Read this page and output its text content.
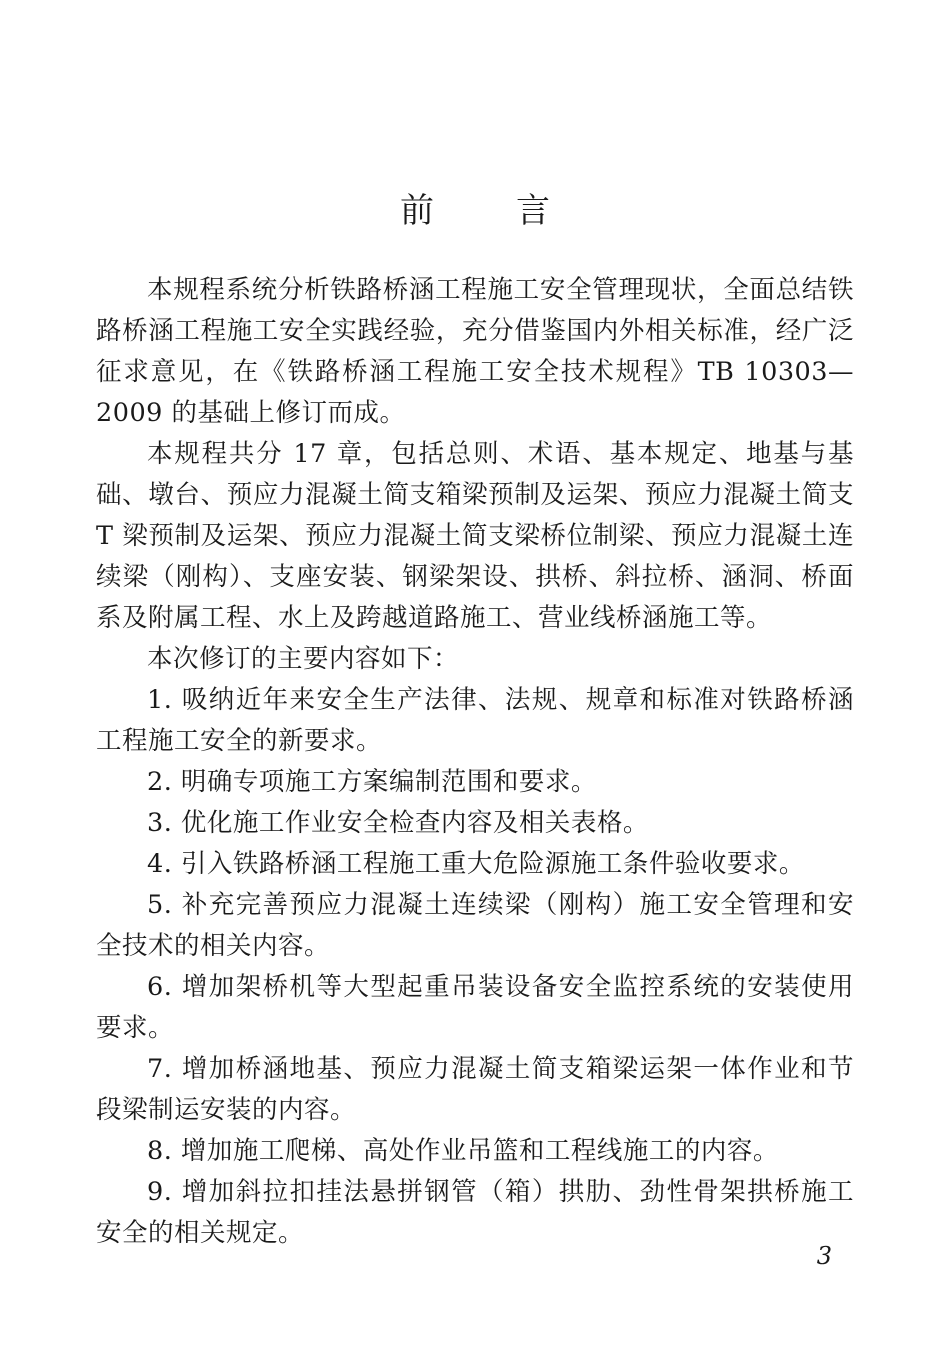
前言

本规程系统分析铁路桥涵工程施工安全管理现状，全面总结铁路桥涵工程施工安全实践经验，充分借鉴国内外相关标准，经广泛征求意见，在《铁路桥涵工程施工安全技术规程》TB 10303—2009 的基础上修订而成。

本规程共分 17 章，包括总则、术语、基本规定、地基与基础、墩台、预应力混凝土简支箱梁预制及运架、预应力混凝土简支 T 梁预制及运架、预应力混凝土简支梁桥位制梁、预应力混凝土连续梁（刚构）、支座安装、钢梁架设、拱桥、斜拉桥、涵洞、桥面系及附属工程、水上及跨越道路施工、营业线桥涵施工等。

本次修订的主要内容如下：

1. 吸纳近年来安全生产法律、法规、规章和标准对铁路桥涵工程施工安全的新要求。

2. 明确专项施工方案编制范围和要求。

3. 优化施工作业安全检查内容及相关表格。

4. 引入铁路桥涵工程施工重大危险源施工条件验收要求。

5. 补充完善预应力混凝土连续梁（刚构）施工安全管理和安全技术的相关内容。

6. 增加架桥机等大型起重吊装设备安全监控系统的安装使用要求。

7. 增加桥涵地基、预应力混凝土简支箱梁运架一体作业和节段梁制运安装的内容。

8. 增加施工爬梯、高处作业吊篮和工程线施工的内容。

9. 增加斜拉扣挂法悬拼钢管（箱）拱肋、劲性骨架拱桥施工安全的相关规定。

3
